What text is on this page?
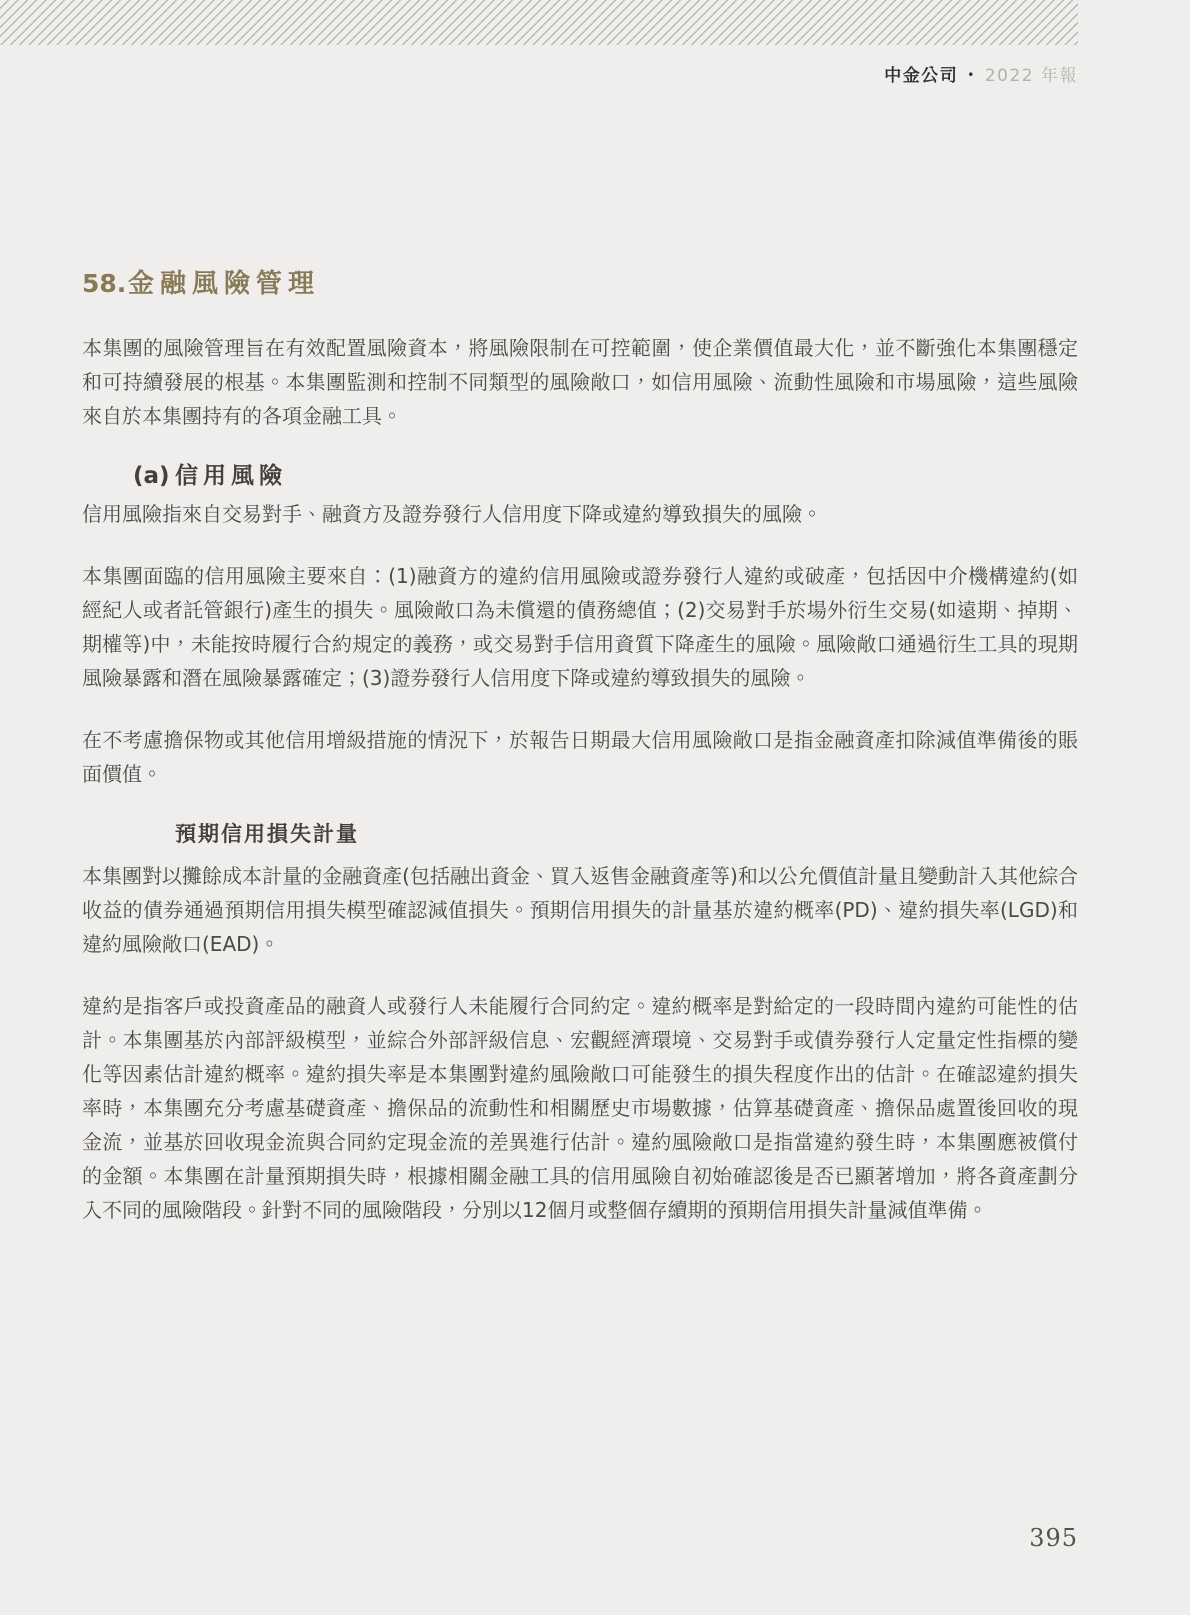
中金公司 • 2022 年報
58.金融風險管理

本集團的風險管理旨在有效配置風險資本，將風險限制在可控範圍，使企業價值最大化，並不斷強化本集團穩定和可持續發展的根基。本集團監測和控制不同類型的風險敞口，如信用風險、流動性風險和市場風險，這些風險來自於本集團持有的各項金融工具。

(a) 信用風險

信用風險指來自交易對手、融資方及證券發行人信用度下降或違約導致損失的風險。

本集團面臨的信用風險主要來自：(1)融資方的違約信用風險或證券發行人違約或破產，包括因中介機構違約(如經紀人或者託管銀行)產生的損失。風險敞口為未償還的債務總值；(2)交易對手於場外衍生交易(如遠期、掉期、期權等)中，未能按時履行合約規定的義務，或交易對手信用資質下降產生的風險。風險敞口通過衍生工具的現期風險暴露和潛在風險暴露確定；(3)證券發行人信用度下降或違約導致損失的風險。

在不考慮擔保物或其他信用增級措施的情況下，於報告日期最大信用風險敞口是指金融資產扣除減值準備後的賬面價值。

預期信用損失計量

本集團對以攤餘成本計量的金融資產(包括融出資金、買入返售金融資產等)和以公允價值計量且變動計入其他綜合收益的債券通過預期信用損失模型確認減值損失。預期信用損失的計量基於違約概率(PD)、違約損失率(LGD)和違約風險敞口(EAD)。

違約是指客戶或投資產品的融資人或發行人未能履行合同約定。違約概率是對給定的一段時間內違約可能性的估計。本集團基於內部評級模型，並綜合外部評級信息、宏觀經濟環境、交易對手或債券發行人定量定性指標的變化等因素估計違約概率。違約損失率是本集團對違約風險敞口可能發生的損失程度作出的估計。在確認違約損失率時，本集團充分考慮基礎資產、擔保品的流動性和相關歷史市場數據，估算基礎資產、擔保品處置後回收的現金流，並基於回收現金流與合同約定現金流的差異進行估計。違約風險敞口是指當違約發生時，本集團應被償付的金額。本集團在計量預期損失時，根據相關金融工具的信用風險自初始確認後是否已顯著增加，將各資產劃分入不同的風險階段。針對不同的風險階段，分別以12個月或整個存續期的預期信用損失計量減值準備。

395
